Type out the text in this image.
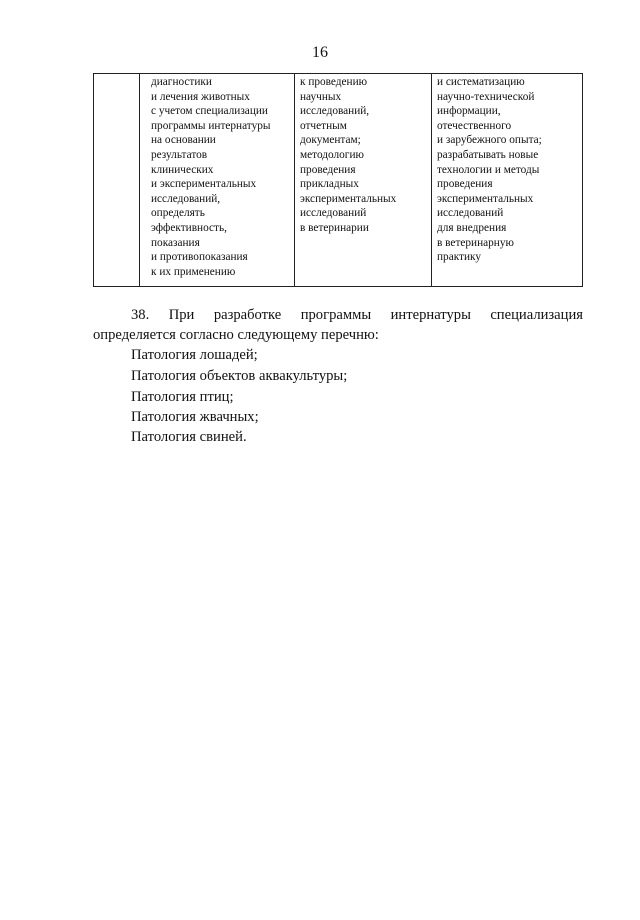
16
диагностики
и лечения животных
с учетом специализации
программы интернатуры
на основании
результатов
клинических
и экспериментальных
исследований,
определять
эффективность,
показания
и противопоказания
к их применению
к проведению
научных
исследований,
отчетным
документам;
методологию
проведения
прикладных
экспериментальных
исследований
в ветеринарии
и систематизацию
научно-технической
информации,
отечественного
и зарубежного опыта;
разрабатывать новые
технологии и методы
проведения
экспериментальных
исследований
для внедрения
в ветеринарную
практику
38. При разработке программы интернатуры специализация
определяется согласно следующему перечню:
Патология лошадей;
Патология объектов аквакультуры;
Патология птиц;
Патология жвачных;
Патология свиней.
